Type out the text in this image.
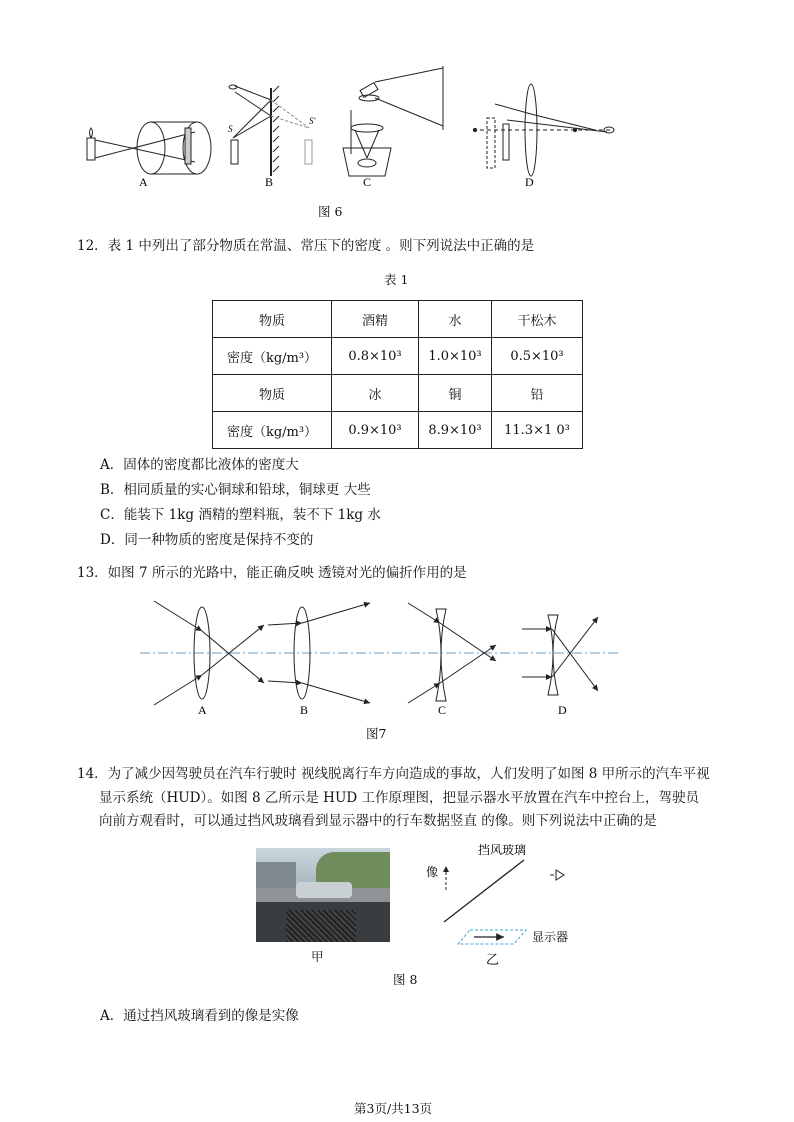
S
S'
A	B	C	D
图 6
12．表 1 中列出了部分物质在常温、常压下的密度 。则下列说法中正确的是
表 1
物质	酒精	水	干松木
密度（kg/m³）	0.8×10³	1.0×10³	0.5×10³
物质	冰	铜	铅
密度（kg/m³）	0.9×10³	8.9×10³	11.3×1 0³
A．固体的密度都比液体的密度大
B．相同质量的实心铜球和铅球，铜球更 大些
C．能装下 1kg 酒精的塑料瓶，装不下 1kg 水
D．同一种物质的密度是保持不变的
13．如图 7 所示的光路中，能正确反映 透镜对光的偏折作用的是
A	B	C	D
图7
14．为了减少因驾驶员在汽车行驶时 视线脱离行车方向造成的事故，人们发明了如图 8 甲所示的汽车平视
显示系统（HUD）。如图 8 乙所示是 HUD 工作原理图，把显示器水平放置在汽车中控台上，驾驶员
向前方观看时，可以通过挡风玻璃看到显示器中的行车数据竖直 的像。则下列说法中正确的是
甲
像
挡风玻璃
显示器
乙
图 8
A．通过挡风玻璃看到的像是实像
第3页/共13页
